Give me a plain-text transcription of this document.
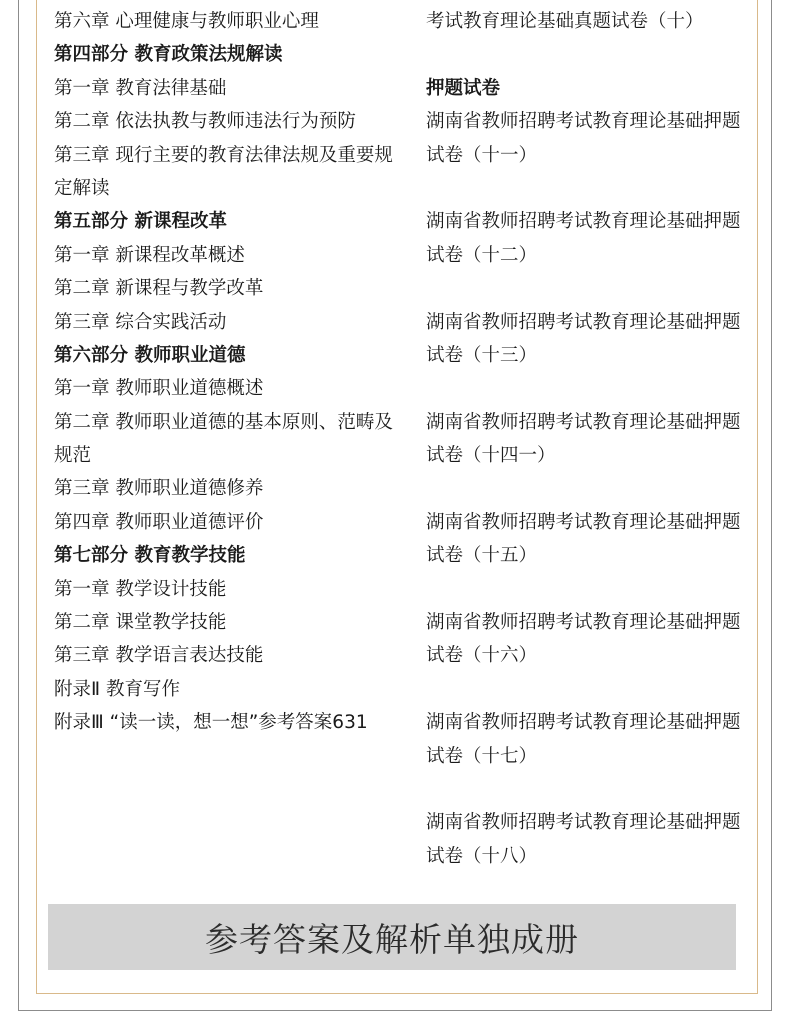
第六章 心理健康与教师职业心理
第四部分 教育政策法规解读
第一章 教育法律基础
第二章 依法执教与教师违法行为预防
第三章 现行主要的教育法律法规及重要规
定解读
第五部分 新课程改革
第一章 新课程改革概述
第二章 新课程与教学改革
第三章 综合实践活动
第六部分 教师职业道德
第一章 教师职业道德概述
第二章 教师职业道德的基本原则、范畴及
规范
第三章 教师职业道德修养
第四章 教师职业道德评价
第七部分 教育教学技能
第一章 教学设计技能
第二章 课堂教学技能
第三章 教学语言表达技能
附录Ⅱ 教育写作
附录Ⅲ “读一读，想一想”参考答案631
考试教育理论基础真题试卷（十）
押题试卷
湖南省教师招聘考试教育理论基础押题
试卷（十一）
湖南省教师招聘考试教育理论基础押题
试卷（十二）
湖南省教师招聘考试教育理论基础押题
试卷（十三）
湖南省教师招聘考试教育理论基础押题
试卷（十四一）
湖南省教师招聘考试教育理论基础押题
试卷（十五）
湖南省教师招聘考试教育理论基础押题
试卷（十六）
湖南省教师招聘考试教育理论基础押题
试卷（十七）
湖南省教师招聘考试教育理论基础押题
试卷（十八）
参考答案及解析单独成册
